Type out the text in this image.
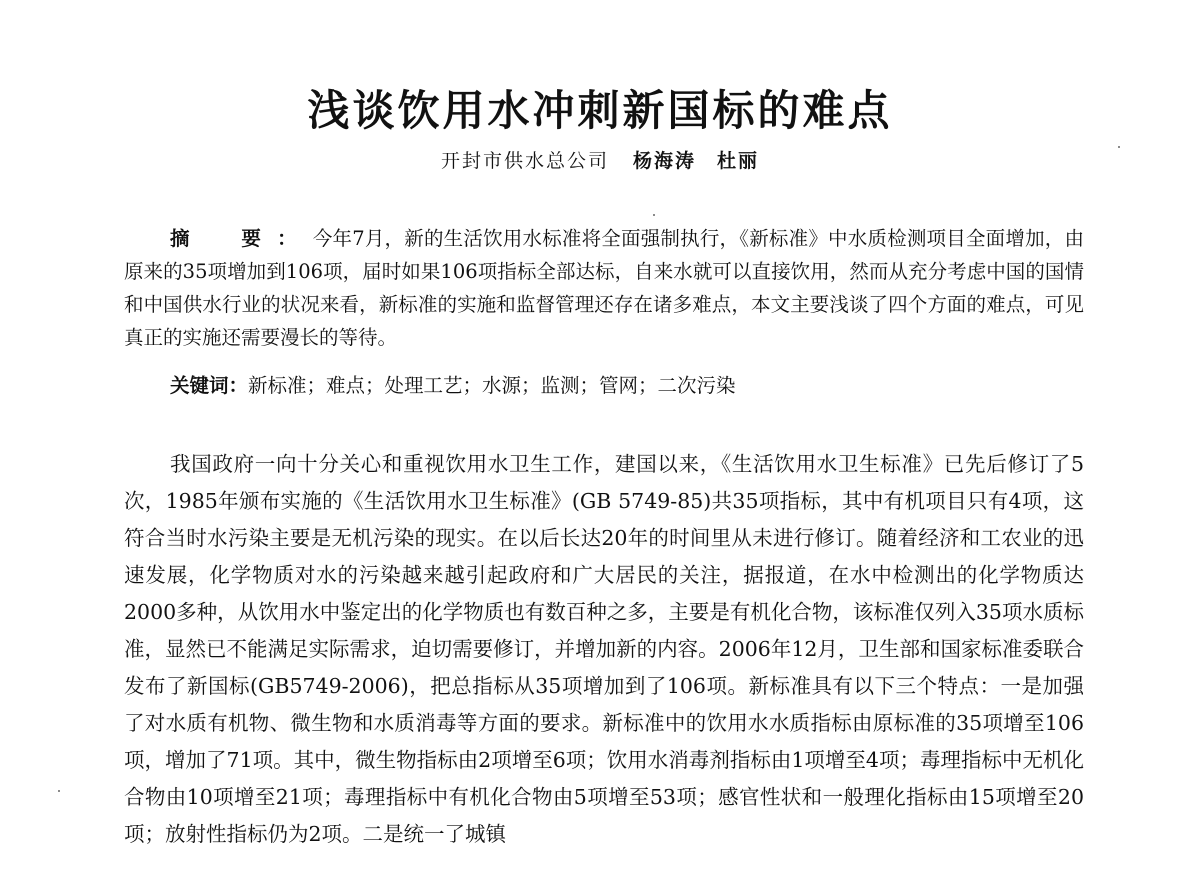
浅谈饮用水冲刺新国标的难点

开封市供水总公司 杨海涛　杜丽

摘　要：今年7月，新的生活饮用水标准将全面强制执行，《新标准》中水质检测项目全面增加，由原来的35项增加到106项，届时如果106项指标全部达标，自来水就可以直接饮用，然而从充分考虑中国的国情和中国供水行业的状况来看，新标准的实施和监督管理还存在诸多难点，本文主要浅谈了四个方面的难点，可见真正的实施还需要漫长的等待。

关键词：新标准；难点；处理工艺；水源；监测；管网；二次污染

我国政府一向十分关心和重视饮用水卫生工作，建国以来，《生活饮用水卫生标准》已先后修订了5次，1985年颁布实施的《生活饮用水卫生标准》(GB 5749-85)共35项指标，其中有机项目只有4项，这符合当时水污染主要是无机污染的现实。在以后长达20年的时间里从未进行修订。随着经济和工农业的迅速发展，化学物质对水的污染越来越引起政府和广大居民的关注，据报道，在水中检测出的化学物质达2000多种，从饮用水中鉴定出的化学物质也有数百种之多，主要是有机化合物，该标准仅列入35项水质标准，显然已不能满足实际需求，迫切需要修订，并增加新的内容。2006年12月，卫生部和国家标准委联合发布了新国标(GB5749-2006)，把总指标从35项增加到了106项。新标准具有以下三个特点：一是加强了对水质有机物、微生物和水质消毒等方面的要求。新标准中的饮用水水质指标由原标准的35项增至106项，增加了71项。其中，微生物指标由2项增至6项；饮用水消毒剂指标由1项增至4项；毒理指标中无机化合物由10项增至21项；毒理指标中有机化合物由5项增至53项；感官性状和一般理化指标由15项增至20项；放射性指标仍为2项。二是统一了城镇
